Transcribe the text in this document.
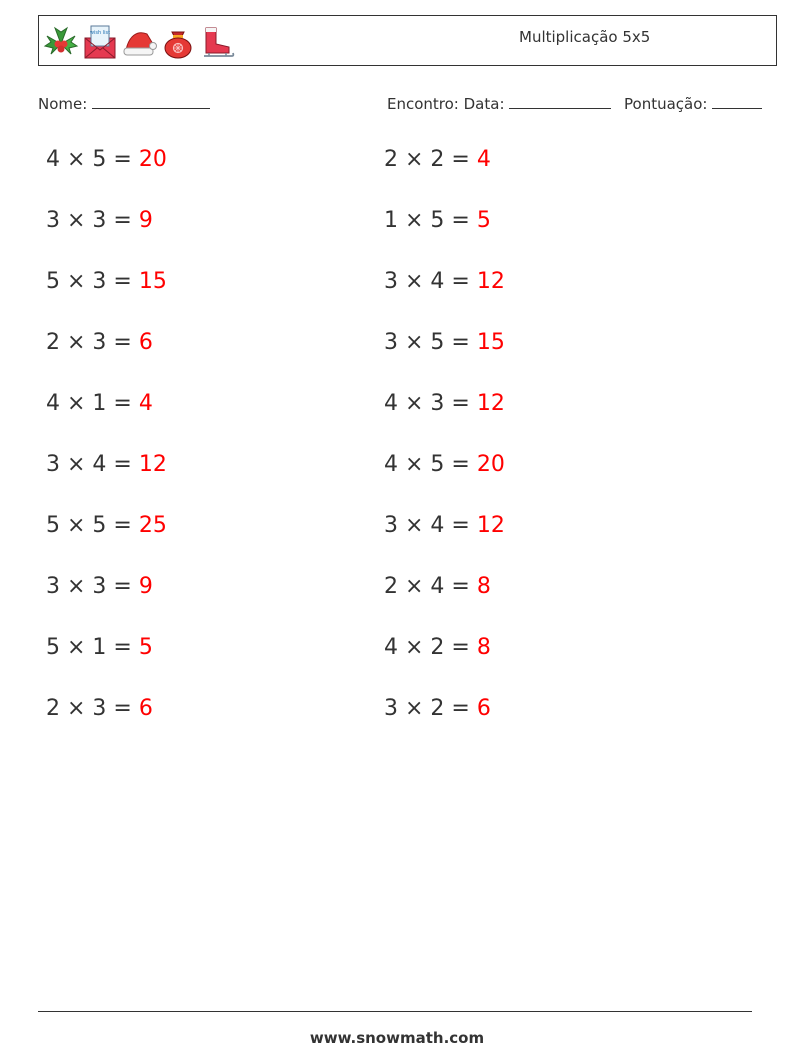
wish list	Multiplicação 5x5
Nome:	Encontro: Data:	Pontuação:
4 × 5 = 20
3 × 3 = 9
5 × 3 = 15
2 × 3 = 6
4 × 1 = 4
3 × 4 = 12
5 × 5 = 25
3 × 3 = 9
5 × 1 = 5
2 × 3 = 6
2 × 2 = 4
1 × 5 = 5
3 × 4 = 12
3 × 5 = 15
4 × 3 = 12
4 × 5 = 20
3 × 4 = 12
2 × 4 = 8
4 × 2 = 8
3 × 2 = 6
www.snowmath.com
